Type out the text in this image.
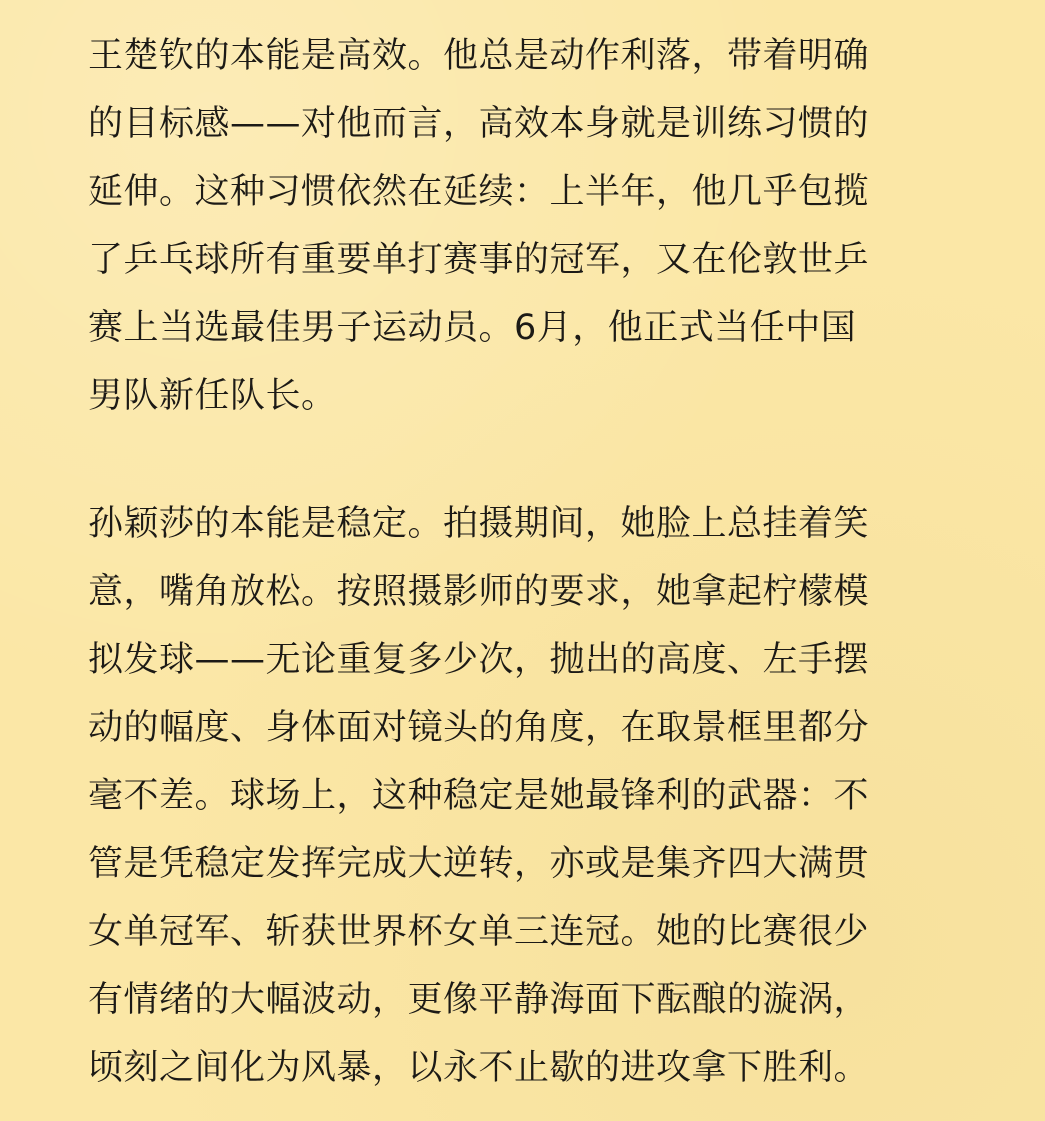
王楚钦的本能是高效。他总是动作利落，带着明确
的目标感——对他而言，高效本身就是训练习惯的
延伸。这种习惯依然在延续：上半年，他几乎包揽
了乒乓球所有重要单打赛事的冠军，又在伦敦世乒
赛上当选最佳男子运动员。6月，他正式当任中国
男队新任队长。
孙颖莎的本能是稳定。拍摄期间，她脸上总挂着笑
意，嘴角放松。按照摄影师的要求，她拿起柠檬模
拟发球——无论重复多少次，抛出的高度、左手摆
动的幅度、身体面对镜头的角度，在取景框里都分
毫不差。球场上，这种稳定是她最锋利的武器：不
管是凭稳定发挥完成大逆转，亦或是集齐四大满贯
女单冠军、斩获世界杯女单三连冠。她的比赛很少
有情绪的大幅波动，更像平静海面下酝酿的漩涡，
顷刻之间化为风暴，以永不止歇的进攻拿下胜利。
